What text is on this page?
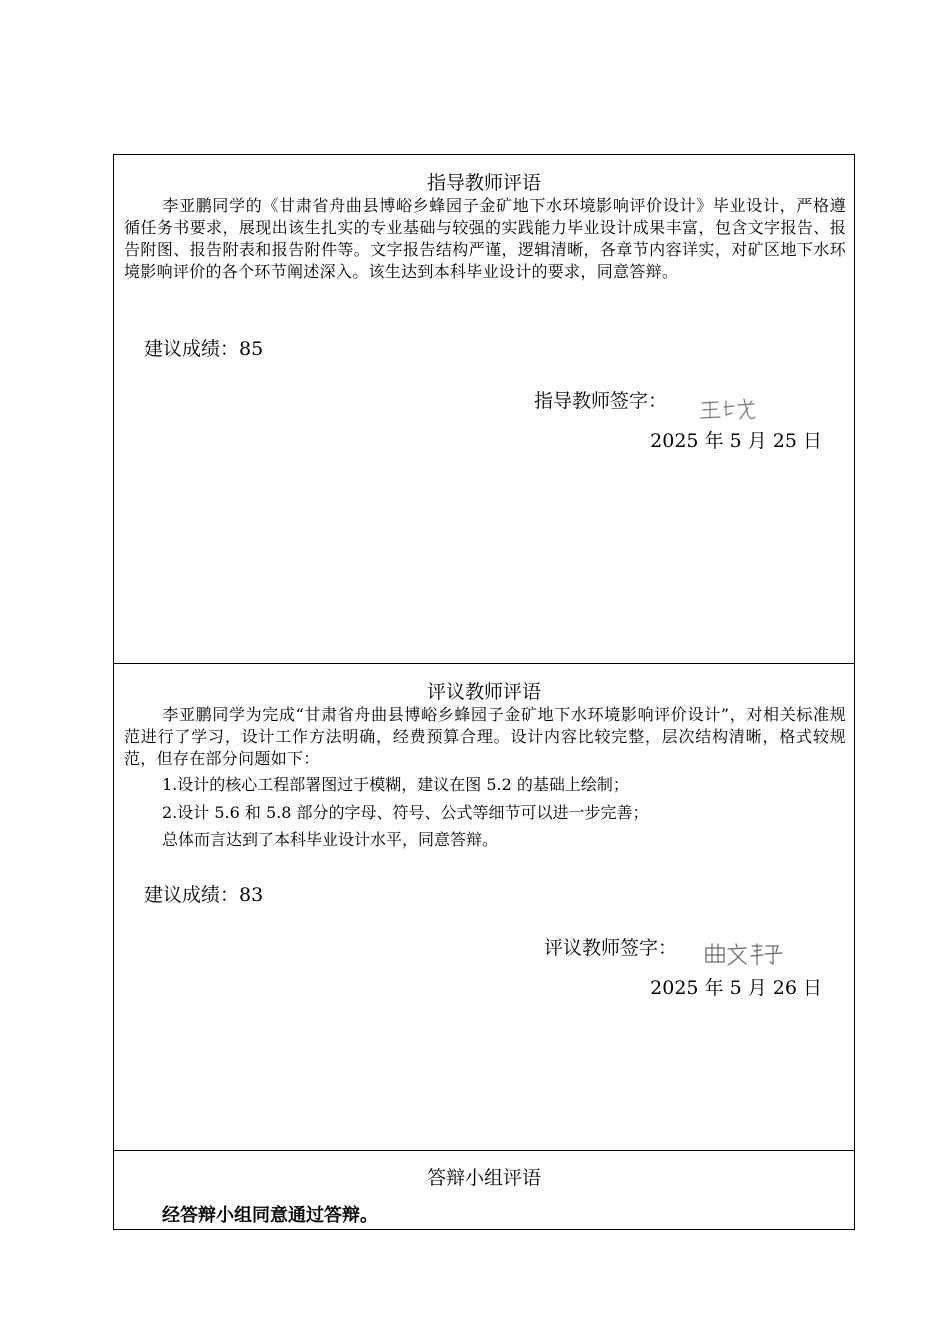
指导教师评语
李亚鹏同学的《甘肃省舟曲县博峪乡蜂园子金矿地下水环境影响评价设计》毕业设计，严格遵循任务书要求，展现出该生扎实的专业基础与较强的实践能力毕业设计成果丰富，包含文字报告、报告附图、报告附表和报告附件等。文字报告结构严谨，逻辑清晰，各章节内容详实，对矿区地下水环境影响评价的各个环节阐述深入。该生达到本科毕业设计的要求，同意答辩。
建议成绩：85
指导教师签字：
王战
2025 年 5 月 25 日
评议教师评语
李亚鹏同学为完成“甘肃省舟曲县博峪乡蜂园子金矿地下水环境影响评价设计”，对相关标准规范进行了学习，设计工作方法明确，经费预算合理。设计内容比较完整，层次结构清晰，格式较规范，但存在部分问题如下：
1.设计的核心工程部署图过于模糊，建议在图 5.2 的基础上绘制；
2.设计 5.6 和 5.8 部分的字母、符号、公式等细节可以进一步完善；
总体而言达到了本科毕业设计水平，同意答辩。
建议成绩：83
评议教师签字：
曲文静
2025 年 5 月 26 日
答辩小组评语
经答辩小组同意通过答辩。
